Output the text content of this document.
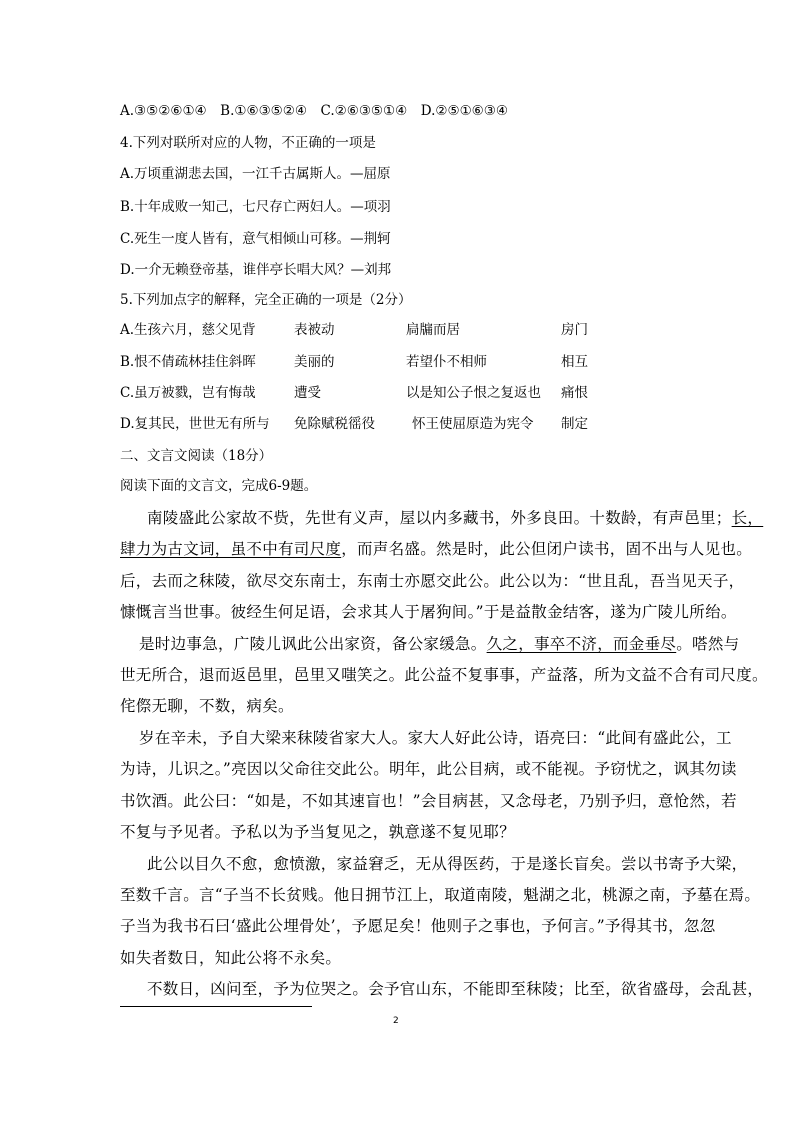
A.③⑤②⑥①④　B.①⑥③⑤②④　C.②⑥③⑤①④　D.②⑤①⑥③④
4.下列对联所对应的人物，不正确的一项是
A.万顷重湖悲去国，一江千古属斯人。—屈原
B.十年成败一知己，七尺存亡两妇人。—项羽
C.死生一度人皆有，意气相倾山可移。—荆轲
D.一介无赖登帝基，谁伴亭长唱大风？—刘邦
5.下列加点字的解释，完全正确的一项是（2分）
A.生孩六月，慈父见背	表被动	扃牖而居	房门
B.恨不倩疏林挂住斜晖	美丽的	若望仆不相师	相互
C.虽万被戮，岂有悔哉	遭受	以是知公子恨之复返也 痛恨
D.复其民，世世无有所与 免除赋税徭役	怀王使屈原造为宪令 制定
二、文言文阅读（18分）
阅读下面的文言文，完成6-9题。
南陵盛此公家故不赀，先世有义声，屋以内多藏书，外多良田。十数龄，有声邑里；长，
肆力为古文词，虽不中有司尺度，而声名盛。然是时，此公但闭户读书，固不出与人见也。
后，去而之秣陵，欲尽交东南士，东南士亦愿交此公。此公以为：“世且乱，吾当见天子，
慷慨言当世事。彼经生何足语，会求其人于屠狗间。”于是益散金结客，遂为广陵儿所绐。
是时边事急，广陵儿讽此公出家资，备公家缓急。久之，事卒不济，而金垂尽。嗒然与
世无所合，退而返邑里，邑里又嗤笑之。此公益不复事事，产益落，所为文益不合有司尺度。
侘傺无聊，不数，病矣。
岁在辛未，予自大梁来秣陵省家大人。家大人好此公诗，语亮曰：“此间有盛此公，工
为诗，儿识之。”亮因以父命往交此公。明年，此公目病，或不能视。予窃忧之，讽其勿读
书饮酒。此公曰：“如是，不如其速盲也！”会目病甚，又念母老，乃别予归，意怆然，若
不复与予见者。予私以为予当复见之，孰意遂不复见耶？
此公以目久不愈，愈愤激，家益窘乏，无从得医药，于是遂长盲矣。尝以书寄予大梁，
至数千言。言“子当不长贫贱。他日拥节江上，取道南陵，魁湖之北，桃源之南，予墓在焉。
子当为我书石曰‘盛此公埋骨处’，予愿足矣！他则子之事也，予何言。”予得其书，忽忽
如失者数日，知此公将不永矣。
不数日，凶问至，予为位哭之。会予官山东，不能即至秣陵；比至，欲省盛母，会乱甚，
2
